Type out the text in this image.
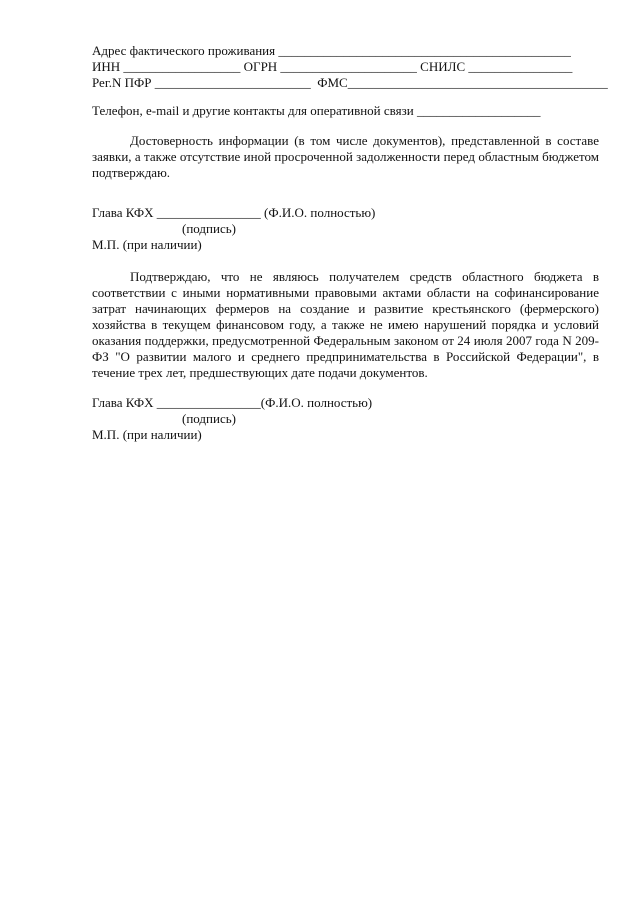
Адрес фактического проживания _____________________________________________
ИНН __________________ ОГРН _____________________ СНИЛС ________________
Рег.N ПФР ________________________  ФМС________________________________________
Телефон, e-mail и другие контакты для оперативной связи ___________________
Достоверность информации (в том числе документов), представленной в составе заявки, а также отсутствие иной просроченной задолженности перед областным бюджетом подтверждаю.
Глава КФХ ________________ (Ф.И.О. полностью)
(подпись)
М.П. (при наличии)
Подтверждаю, что не являюсь получателем средств областного бюджета в соответствии с иными нормативными правовыми актами области на софинансирование затрат начинающих фермеров на создание и развитие крестьянского (фермерского) хозяйства в текущем финансовом году, а также не имею нарушений порядка и условий оказания поддержки, предусмотренной Федеральным законом от 24 июля 2007 года N 209-ФЗ "О развитии малого и среднего предпринимательства в Российской Федерации", в течение трех лет, предшествующих дате подачи документов.
Глава КФХ ________________(Ф.И.О. полностью)
(подпись)
М.П. (при наличии)
